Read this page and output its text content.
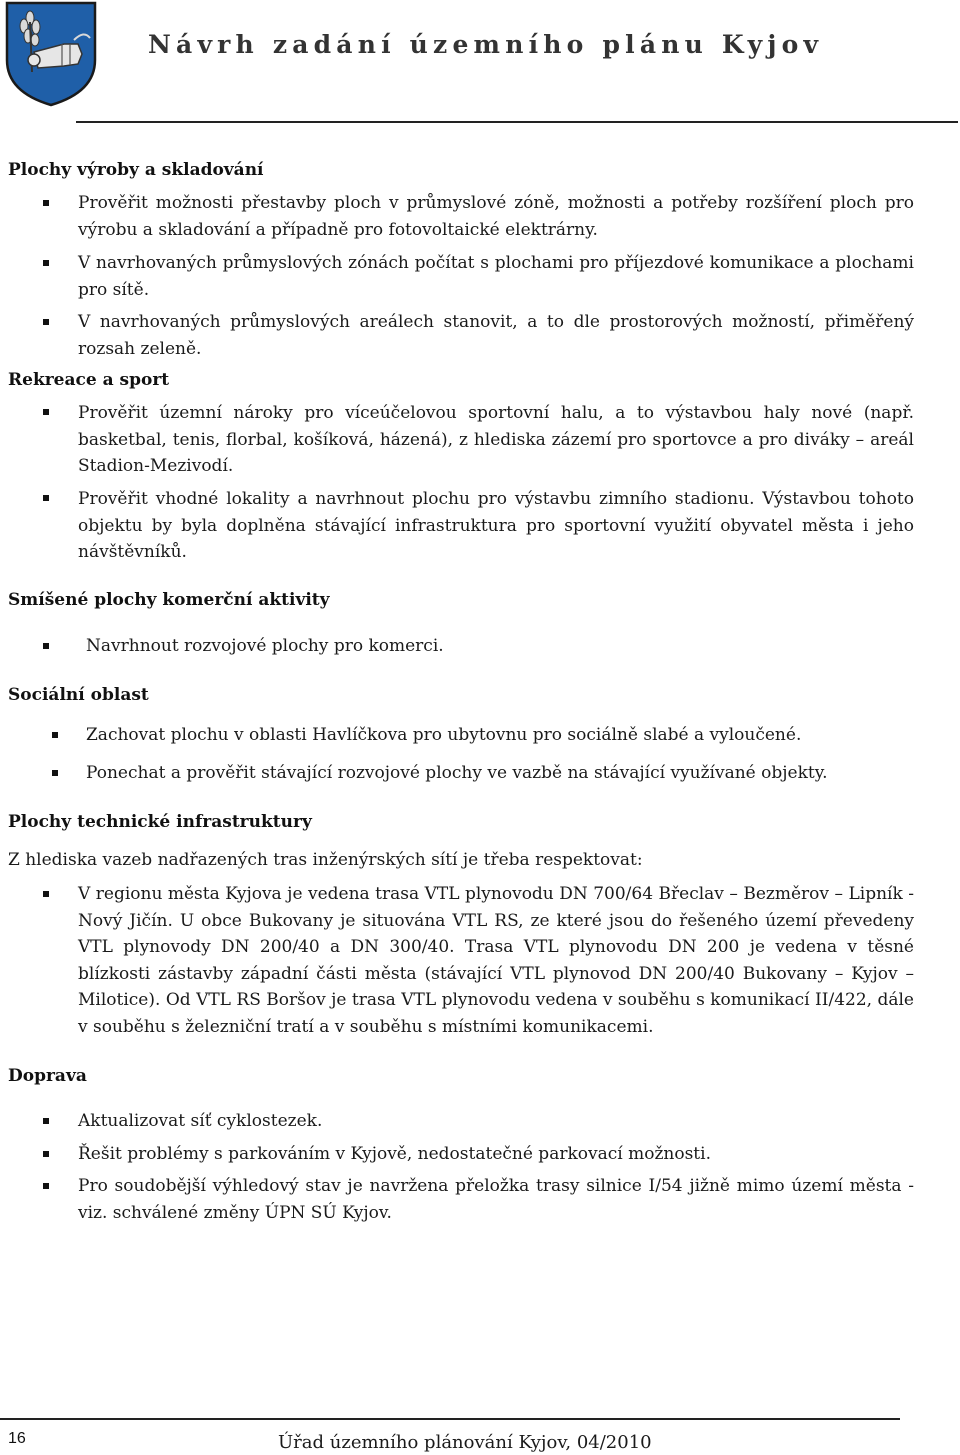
Návrh zadání územního plánu Kyjov
Plochy výroby a skladování

Prověřit možnosti přestavby ploch v průmyslové zóně, možnosti a potřeby rozšíření ploch pro výrobu a skladování a případně pro fotovoltaické elektrárny.

V navrhovaných průmyslových zónách počítat s plochami pro příjezdové komunikace a plochami pro sítě.

V navrhovaných průmyslových areálech stanovit, a to dle prostorových možností, přiměřený rozsah zeleně.

Rekreace a sport

Prověřit územní nároky pro víceúčelovou sportovní halu, a to výstavbou haly nové (např. basketbal, tenis, florbal, košíková, házená), z hlediska zázemí pro sportovce a pro diváky – areál Stadion-Mezivodí.

Prověřit vhodné lokality a navrhnout plochu pro výstavbu zimního stadionu. Výstavbou tohoto objektu by byla doplněna stávající infrastruktura pro sportovní využití obyvatel města i jeho návštěvníků.

Smíšené plochy komerční aktivity

Navrhnout rozvojové plochy pro komerci.

Sociální oblast

Zachovat plochu v oblasti Havlíčkova pro ubytovnu pro sociálně slabé a vyloučené.

Ponechat a prověřit stávající rozvojové plochy ve vazbě na stávající využívané objekty.

Plochy technické infrastruktury

Z hlediska vazeb nadřazených tras inženýrských sítí je třeba respektovat:

V regionu města Kyjova je vedena trasa VTL plynovodu DN 700/64 Břeclav – Bezměrov – Lipník - Nový Jičín. U obce Bukovany je situována VTL RS, ze které jsou do řešeného území převedeny VTL plynovody DN 200/40 a DN 300/40. Trasa VTL plynovodu DN 200 je vedena v těsné blízkosti zástavby západní části města (stávající VTL plynovod DN 200/40 Bukovany – Kyjov – Milotice). Od VTL RS Boršov je trasa VTL plynovodu vedena v souběhu s komunikací II/422, dále v souběhu s železniční tratí a v souběhu s místními komunikacemi.

Doprava

Aktualizovat síť cyklostezek.

Řešit problémy s parkováním v Kyjově, nedostatečné parkovací možnosti.

Pro soudobější výhledový stav je navržena přeložka trasy silnice I/54 jižně mimo území města - viz. schválené změny ÚPN SÚ Kyjov.

16	Úřad územního plánování Kyjov, 04/2010
